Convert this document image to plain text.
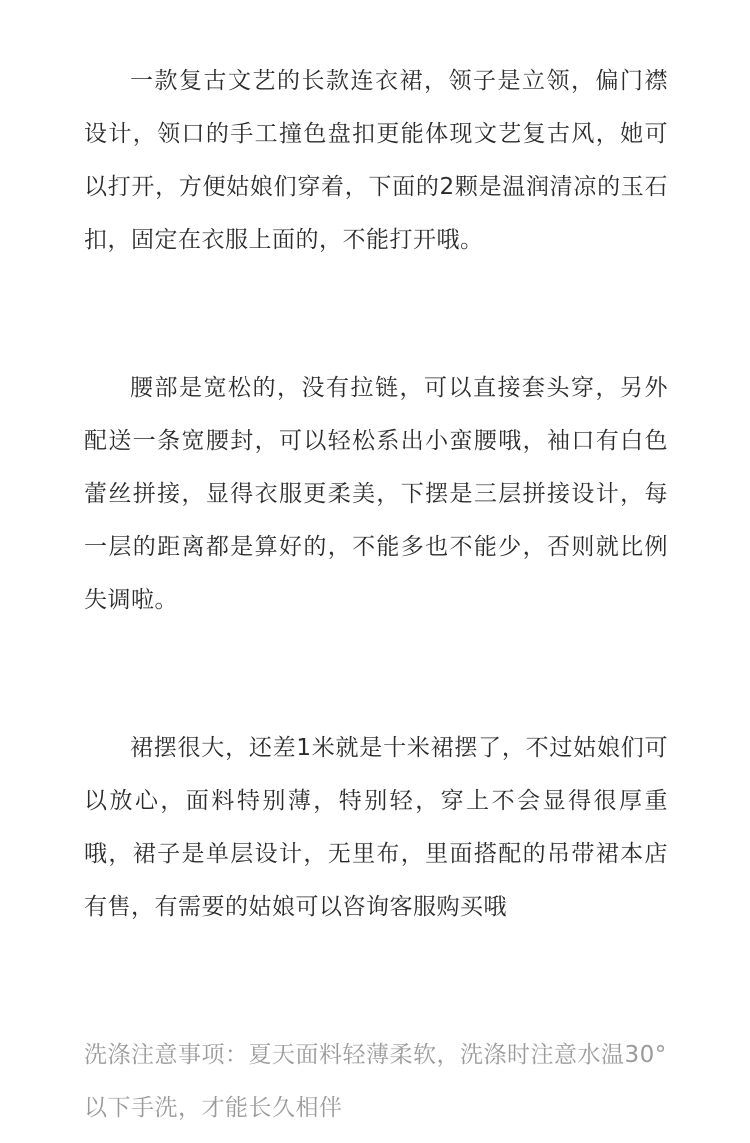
一款复古文艺的长款连衣裙，领子是立领，偏门襟设计，领口的手工撞色盘扣更能体现文艺复古风，她可以打开，方便姑娘们穿着，下面的2颗是温润清凉的玉石扣，固定在衣服上面的，不能打开哦。

腰部是宽松的，没有拉链，可以直接套头穿，另外配送一条宽腰封，可以轻松系出小蛮腰哦，袖口有白色蕾丝拼接，显得衣服更柔美，下摆是三层拼接设计，每一层的距离都是算好的，不能多也不能少，否则就比例失调啦。

裙摆很大，还差1米就是十米裙摆了，不过姑娘们可以放心，面料特别薄，特别轻，穿上不会显得很厚重哦，裙子是单层设计，无里布，里面搭配的吊带裙本店有售，有需要的姑娘可以咨询客服购买哦

洗涤注意事项：夏天面料轻薄柔软，洗涤时注意水温30°以下手洗，才能长久相伴
